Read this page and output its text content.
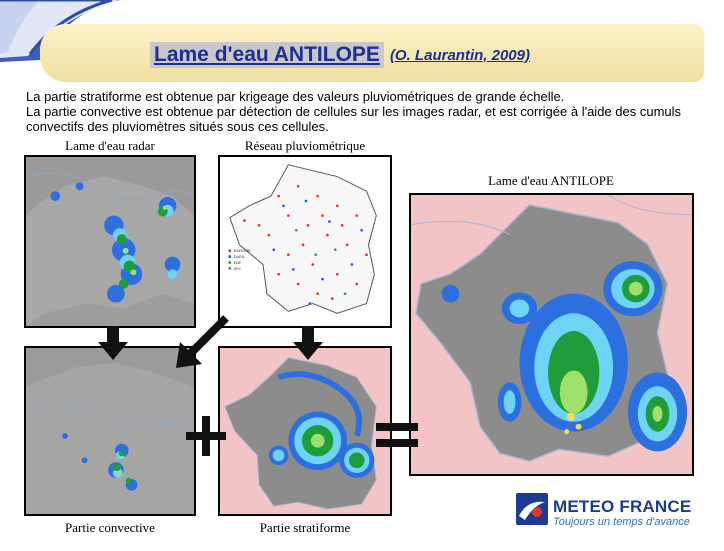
Lame d'eau ANTILOPE (O. Laurantin, 2009)
La partie stratiforme est obtenue par krigeage des valeurs pluviométriques de grande échelle.
La partie convective est obtenue par détection de cellules sur les images radar, et est corrigée à l'aide des cumuls convectifs des pluviomètres situés sous ces cellules.
Lame d'eau radar	Réseau pluviométrique
Lame d'eau ANTILOPE
Partie convective	Partie stratiforme
RADOME
DAEA
EDF
SPC
METEO FRANCE
Toujours un temps d'avance
